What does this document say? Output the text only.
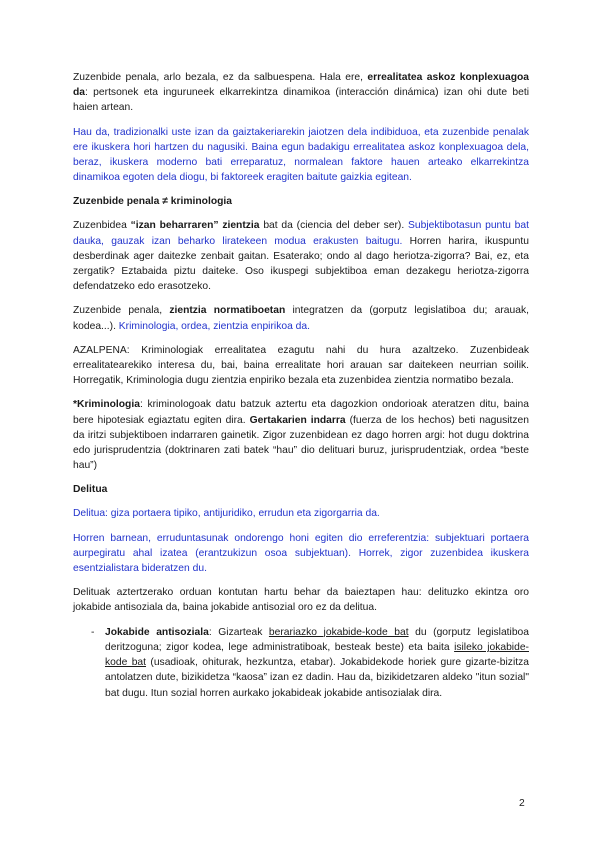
Zuzenbide penala, arlo bezala, ez da salbuespena. Hala ere, errealitatea askoz konplexuagoa da: pertsonek eta inguruneek elkarrekintza dinamikoa (interacción dinámica) izan ohi dute beti haien artean.

Hau da, tradizionalki uste izan da gaiztakeriarekin jaiotzen dela indibiduoa, eta zuzenbide penalak ere ikuskera hori hartzen du nagusiki. Baina egun badakigu errealitatea askoz konplexuagoa dela, beraz, ikuskera moderno bati erreparatuz, normalean faktore hauen arteako elkarrekintza dinamikoa egoten dela diogu, bi faktoreek eragiten baitute gaizkia egitean.

Zuzenbide penala ≠ kriminologia

Zuzenbidea “izan beharraren” zientzia bat da (ciencia del deber ser). Subjektibotasun puntu bat dauka, gauzak izan beharko liratekeen modua erakusten baitugu. Horren harira, ikuspuntu desberdinak ager daitezke zenbait gaitan. Esaterako; ondo al dago heriotza-zigorra? Bai, ez, eta zergatik? Eztabaida piztu daiteke. Oso ikuspegi subjektiboa eman dezakegu heriotza-zigorra defendatzeko edo erasotzeko.

Zuzenbide penala, zientzia normatiboetan integratzen da (gorputz legislatiboa du; arauak, kodea...). Kriminologia, ordea, zientzia enpirikoa da.

AZALPENA: Kriminologiak errealitatea ezagutu nahi du hura azaltzeko. Zuzenbideak errealitatearekiko interesa du, bai, baina errealitate hori arauan sar daitekeen neurrian soilik. Horregatik, Kriminologia dugu zientzia enpiriko bezala eta zuzenbidea zientzia normatibo bezala.

*Kriminologia: kriminologoak datu batzuk aztertu eta dagozkion ondorioak ateratzen ditu, baina bere hipotesiak egiaztatu egiten dira. Gertakarien indarra (fuerza de los hechos) beti nagusitzen da iritzi subjektiboen indarraren gainetik. Zigor zuzenbidean ez dago horren argi: hot dugu doktrina edo jurisprudentzia (doktrinaren zati batek “hau” dio delituari buruz, jurisprudentziak, ordea “beste hau”)

Delitua

Delitua: giza portaera tipiko, antijuridiko, errudun eta zigorgarria da.

Horren barnean, erruduntasunak ondorengo honi egiten dio erreferentzia: subjektuari portaera aurpegiratu ahal izatea (erantzukizun osoa subjektuan). Horrek, zigor zuzenbidea ikuskera esentzialistara bideratzen du.

Delituak aztertzerako orduan kontutan hartu behar da baieztapen hau: delituzko ekintza oro jokabide antisoziala da, baina jokabide antisozial oro ez da delitua.

-	Jokabide antisoziala: Gizarteak berariazko jokabide-kode bat du (gorputz legislatiboa deritzoguna; zigor kodea, lege administratiboak, besteak beste) eta baita isileko jokabide-kode bat (usadioak, ohiturak, hezkuntza, etabar). Jokabidekode horiek gure gizarte-bizitza antolatzen dute, bizikidetza “kaosa” izan ez dadin. Hau da, bizikidetzaren aldeko "itun sozial" bat dugu. Itun sozial horren aurkako jokabideak jokabide antisozialak dira.

2
